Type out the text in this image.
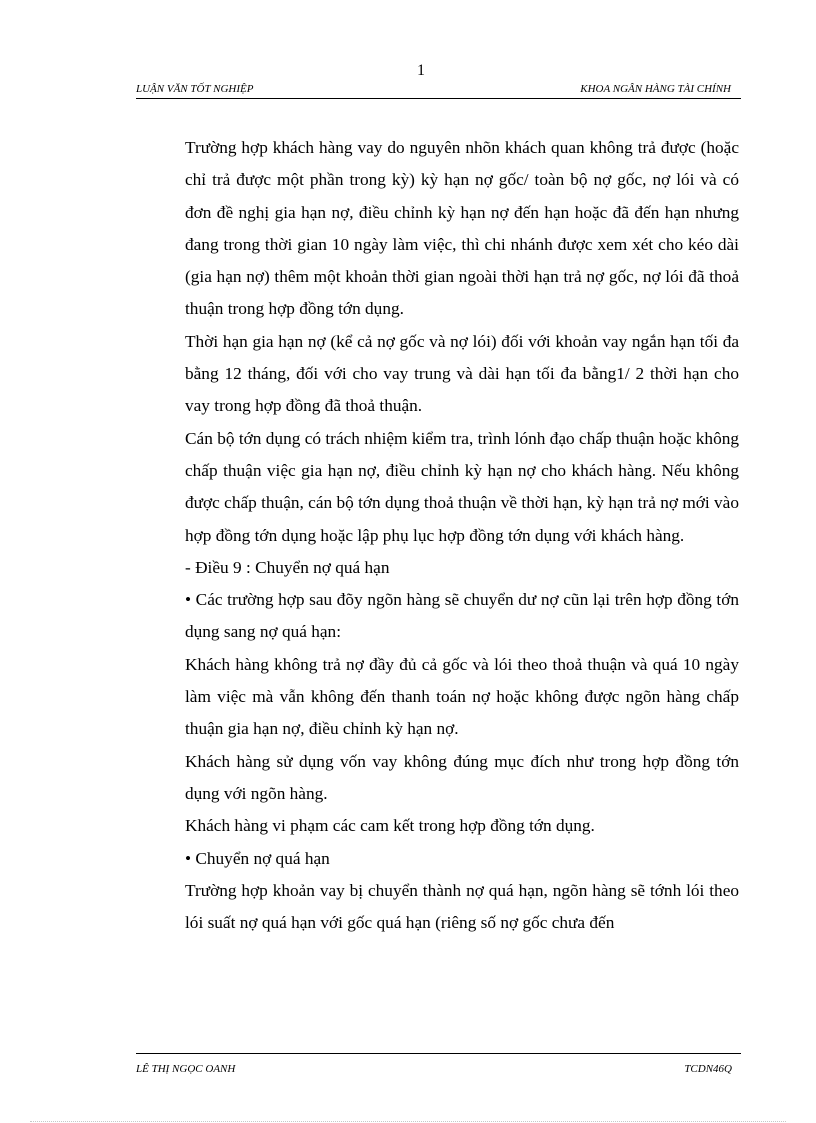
1
LUẬN VĂN TỐT NGHIỆP	KHOA NGÂN HÀNG TÀI CHÍNH

Trường hợp khách hàng vay do nguyên nhõn khách quan không trả được (hoặc chỉ trả được một phần trong kỳ) kỳ hạn nợ gốc/ toàn bộ nợ gốc, nợ lói và có đơn đề nghị gia hạn nợ, điều chỉnh kỳ hạn nợ đến hạn hoặc đã đến hạn nhưng đang trong thời gian 10 ngày làm việc, thì chi nhánh được xem xét cho kéo dài (gia hạn nợ) thêm một khoản thời gian ngoài thời hạn trả nợ gốc, nợ lói đã thoả thuận trong hợp đồng tớn dụng.

Thời hạn gia hạn nợ (kể cả nợ gốc và nợ lói) đối với khoản vay ngắn hạn tối đa bằng 12 tháng, đối với cho vay trung và dài hạn tối đa bằng1/ 2 thời hạn cho vay trong hợp đồng đã thoả thuận.

Cán bộ tớn dụng có trách nhiệm kiểm tra, trình lónh đạo chấp thuận hoặc không chấp thuận việc gia hạn nợ, điều chỉnh kỳ hạn nợ cho khách hàng. Nếu không được chấp thuận, cán bộ tớn dụng thoả thuận về thời hạn, kỳ hạn trả nợ mới vào hợp đồng tớn dụng hoặc lập phụ lục hợp đồng tớn dụng với khách hàng.

- Điều 9 : Chuyển nợ quá hạn

• Các trường hợp sau đõy ngõn hàng sẽ chuyển dư nợ cũn lại trên hợp đồng tớn dụng sang nợ quá hạn:

Khách hàng không trả nợ đầy đủ cả gốc và lói theo thoả thuận và quá 10 ngày làm việc mà vẫn không đến thanh toán nợ hoặc không được ngõn hàng chấp thuận gia hạn nợ, điều chỉnh kỳ hạn nợ.

Khách hàng sử dụng vốn vay không đúng mục đích như trong hợp đồng tớn dụng với ngõn hàng.

Khách hàng vi phạm các cam kết trong hợp đồng tớn dụng.

• Chuyển nợ quá hạn

Trường hợp khoản vay bị chuyển thành nợ quá hạn, ngõn hàng sẽ tớnh lói theo lói suất nợ quá hạn với gốc quá hạn (riêng số nợ gốc chưa đến

LÊ THỊ NGỌC OANH	TCDN46Q
